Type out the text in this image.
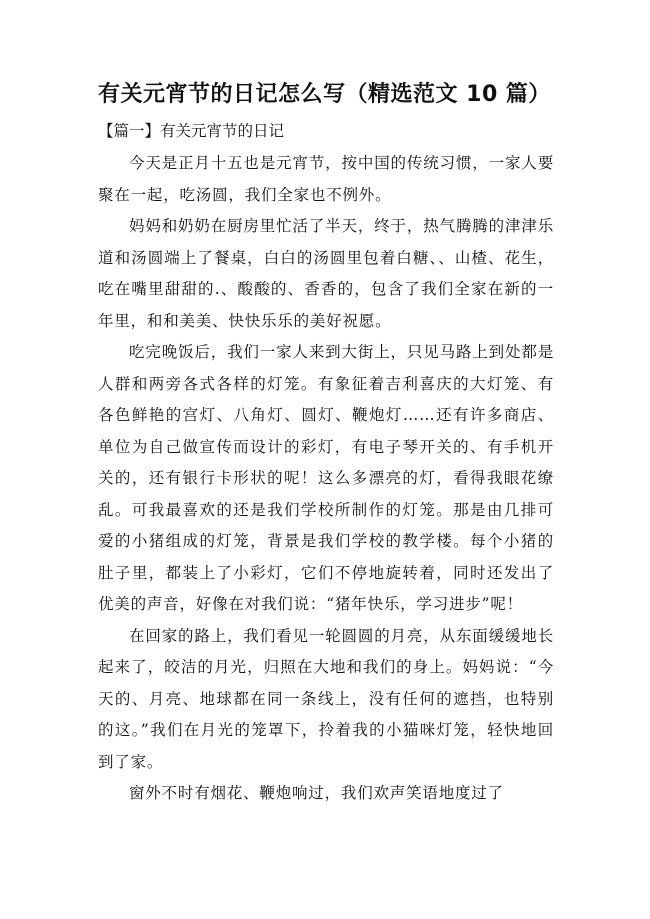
有关元宵节的日记怎么写（精选范文 10 篇）
【篇一】有关元宵节的日记

今天是正月十五也是元宵节，按中国的传统习惯，一家人要聚在一起，吃汤圆，我们全家也不例外。

妈妈和奶奶在厨房里忙活了半天，终于，热气腾腾的津津乐道和汤圆端上了餐桌，白白的汤圆里包着白糖、、山楂、花生，吃在嘴里甜甜的.、酸酸的、香香的，包含了我们全家在新的一年里，和和美美、快快乐乐的美好祝愿。

吃完晚饭后，我们一家人来到大街上，只见马路上到处都是人群和两旁各式各样的灯笼。有象征着吉利喜庆的大灯笼、有各色鲜艳的宫灯、八角灯、圆灯、鞭炮灯……还有许多商店、单位为自己做宣传而设计的彩灯，有电子琴开关的、有手机开关的，还有银行卡形状的呢！这么多漂亮的灯，看得我眼花缭乱。可我最喜欢的还是我们学校所制作的灯笼。那是由几排可爱的小猪组成的灯笼，背景是我们学校的教学楼。每个小猪的肚子里，都装上了小彩灯，它们不停地旋转着，同时还发出了优美的声音，好像在对我们说：“猪年快乐，学习进步”呢！

在回家的路上，我们看见一轮圆圆的月亮，从东面缓缓地长起来了，皎洁的月光，归照在大地和我们的身上。妈妈说：“今天的、月亮、地球都在同一条线上，没有任何的遮挡，也特别的这。”我们在月光的笼罩下，拎着我的小猫咪灯笼，轻快地回到了家。

窗外不时有烟花、鞭炮响过，我们欢声笑语地度过了
